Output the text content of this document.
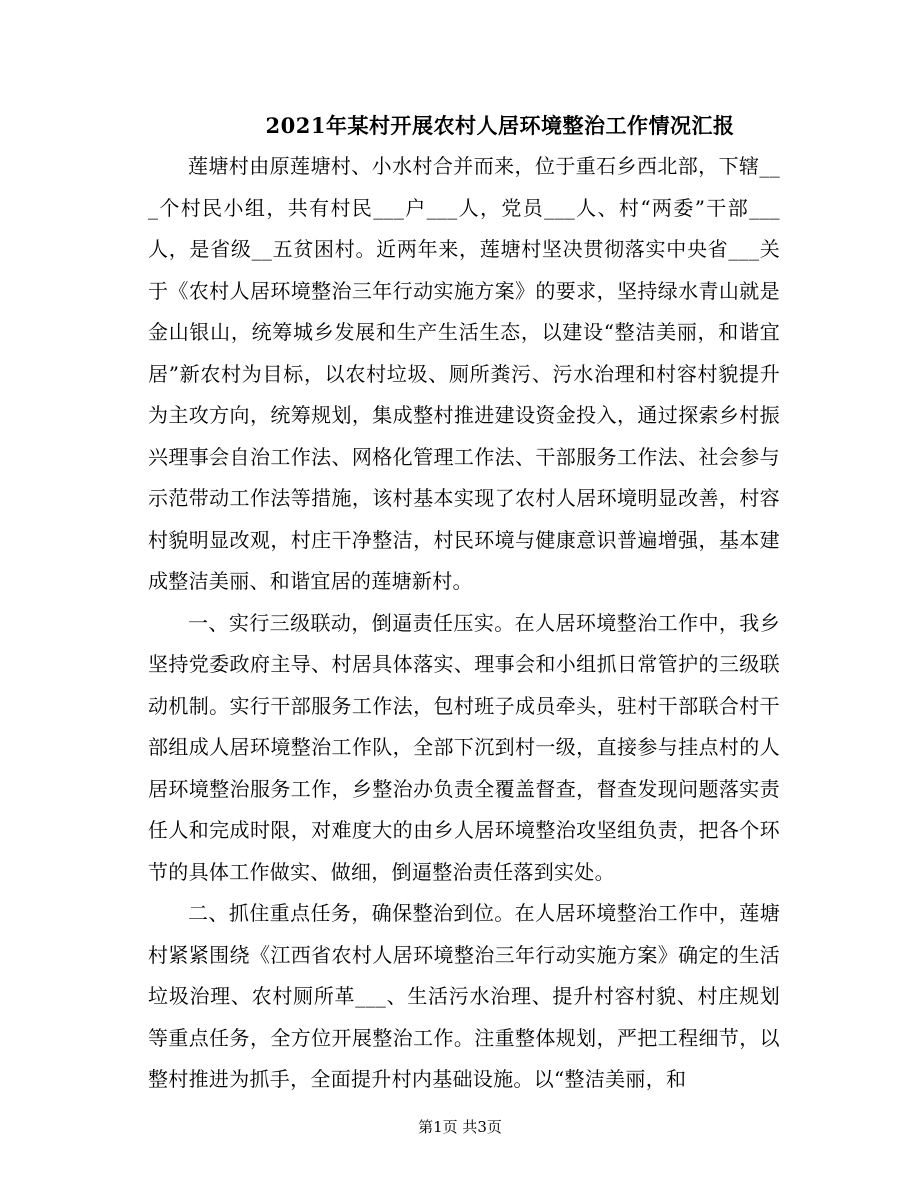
2021年某村开展农村人居环境整治工作情况汇报

莲塘村由原莲塘村、小水村合并而来，位于重石乡西北部，下辖___个村民小组，共有村民___户___人，党员___人、村“两委”干部___人，是省级__五贫困村。近两年来，莲塘村坚决贯彻落实中央省___关于《农村人居环境整治三年行动实施方案》的要求，坚持绿水青山就是金山银山，统筹城乡发展和生产生活生态，以建设“整洁美丽，和谐宜居”新农村为目标，以农村垃圾、厕所粪污、污水治理和村容村貌提升为主攻方向，统筹规划，集成整村推进建设资金投入，通过探索乡村振兴理事会自治工作法、网格化管理工作法、干部服务工作法、社会参与示范带动工作法等措施，该村基本实现了农村人居环境明显改善，村容村貌明显改观，村庄干净整洁，村民环境与健康意识普遍增强，基本建成整洁美丽、和谐宜居的莲塘新村。

一、实行三级联动，倒逼责任压实。在人居环境整治工作中，我乡坚持党委政府主导、村居具体落实、理事会和小组抓日常管护的三级联动机制。实行干部服务工作法，包村班子成员牵头，驻村干部联合村干部组成人居环境整治工作队，全部下沉到村一级，直接参与挂点村的人居环境整治服务工作，乡整治办负责全覆盖督查，督查发现问题落实责任人和完成时限，对难度大的由乡人居环境整治攻坚组负责，把各个环节的具体工作做实、做细，倒逼整治责任落到实处。

二、抓住重点任务，确保整治到位。在人居环境整治工作中，莲塘村紧紧围绕《江西省农村人居环境整治三年行动实施方案》确定的生活垃圾治理、农村厕所革___、生活污水治理、提升村容村貌、村庄规划等重点任务，全方位开展整治工作。注重整体规划，严把工程细节，以整村推进为抓手，全面提升村内基础设施。以“整洁美丽，和

第1页 共3页
